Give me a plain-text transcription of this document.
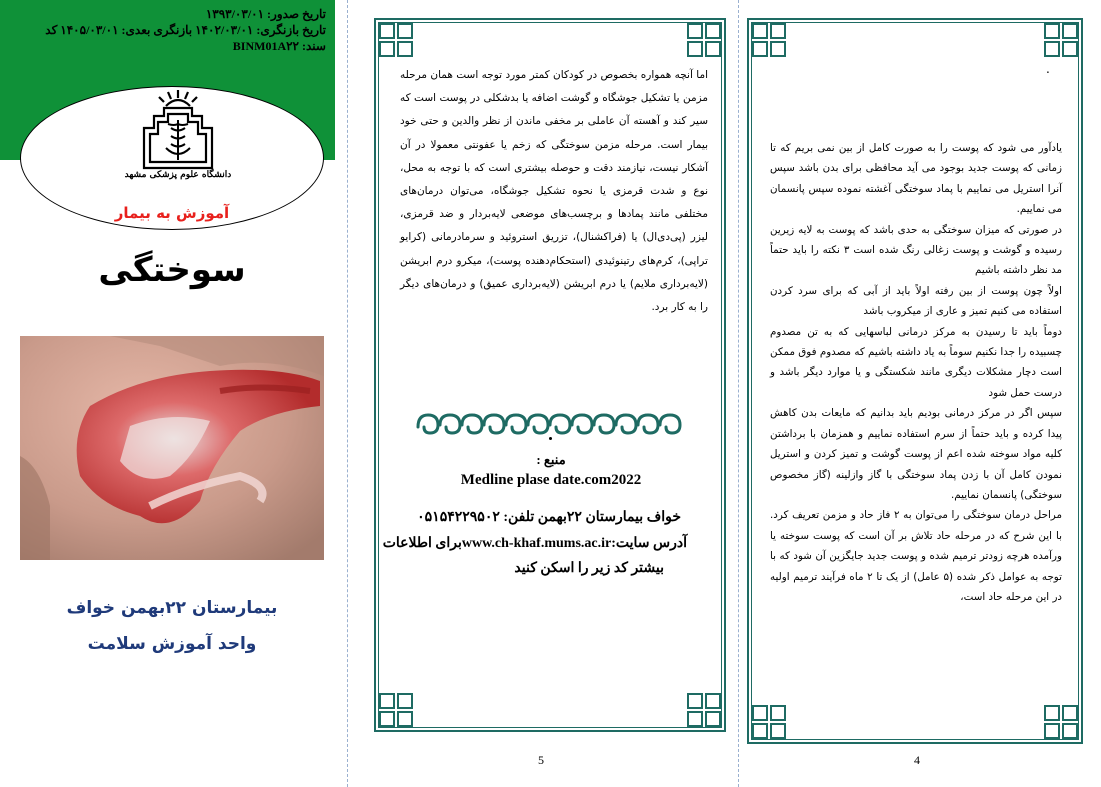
تاریخ صدور: ۱۳۹۳/۰۳/۰۱
تاریخ بازنگری: ۱۴۰۲/۰۳/۰۱ بازنگری بعدی: ۱۴۰۵/۰۳/۰۱ کد
سند: BINM01A۲۲
دانشگاه علوم پزشکی مشهد
آموزش به بیمار
سوختگی
بیمارستان ۲۲بهمن خواف
واحد آموزش سلامت

اما آنچه همواره بخصوص در کودکان کمتر مورد توجه است همان مرحله مزمن یا تشکیل جوشگاه و گوشت اضافه یا بدشکلی در پوست است که سیر کند و آهسته آن عاملی بر مخفی ماندن از نظر والدین و حتی خود بیمار است. مرحله مزمن سوختگی که زخم یا عفونتی معمولا در آن آشکار نیست، نیازمند دقت و حوصله بیشتری است که با توجه به محل، نوع و شدت قرمزی یا نحوه تشکیل جوشگاه، می‌توان درمان‌های مختلفی مانند پمادها و برچسب‌های موضعی لایه‌بردار و ضد قرمزی، لیزر (پی‌دی‌ال) یا (فراکشنال)، تزریق استروئید و سرمادرمانی (کرایو تراپی)، کرم‌های رتینوئیدی (استحکام‌دهنده پوست)، میکرو درم ابریشن (لایه‌برداری ملایم) یا درم ابریشن (لایه‌برداری عمیق) و درمان‌های دیگر را به کار برد.

منبع :
Medline plase date.com2022
خواف بیمارستان ۲۲بهمن تلفن: ۰۵۱۵۴۲۲۹۵۰۲
آدرس سایت:www.ch-khaf.mums.ac.irبرای اطلاعات
بیشتر کد زیر را اسکن کنید
5
.

یادآور می شود که پوست را به صورت کامل از بین نمی بریم که تا زمانی که پوست جدید بوجود می آید محافظی برای بدن باشد سپس آنرا استریل می نماییم با پماد سوختگی آغشته نموده سپس پانسمان می نماییم.

در صورتی که میزان سوختگی به حدی باشد که پوست به لایه زیرین رسیده و گوشت و پوست زغالی رنگ شده است ۳ نکته را باید حتماً مد نظر داشته باشیم

اولاً چون پوست از بین رفته اولاً باید از آبی که برای سرد کردن استفاده می کنیم تمیز و عاری از میکروب باشد

دوماً باید تا رسیدن به مرکز درمانی لباسهایی که به تن مصدوم چسبیده را جدا نکنیم سوماً به یاد داشته باشیم که مصدوم فوق ممکن است دچار مشکلات دیگری مانند شکستگی و یا موارد دیگر باشد و درست حمل شود

سپس اگر در مرکز درمانی بودیم باید بدانیم که مایعات بدن کاهش پیدا کرده و باید حتماً از سرم استفاده نماییم و همزمان با برداشتن کلیه مواد سوخته شده اعم از پوست گوشت و تمیز کردن و استریل نمودن کامل آن با زدن پماد سوختگی با گاز وازلینه (گاز مخصوص سوختگی) پانسمان نماییم.

مراحل درمان سوختگی را می‌توان به ۲ فاز حاد و مزمن تعریف کرد. با این شرح که در مرحله حاد تلاش بر آن است که پوست سوخته یا ورآمده هرچه زودتر ترمیم شده و پوست جدید جایگزین آن شود که با توجه به عوامل ذکر شده (۵ عامل) از یک تا ۲ ماه فرآیند ترمیم اولیه در این مرحله حاد است،

4
